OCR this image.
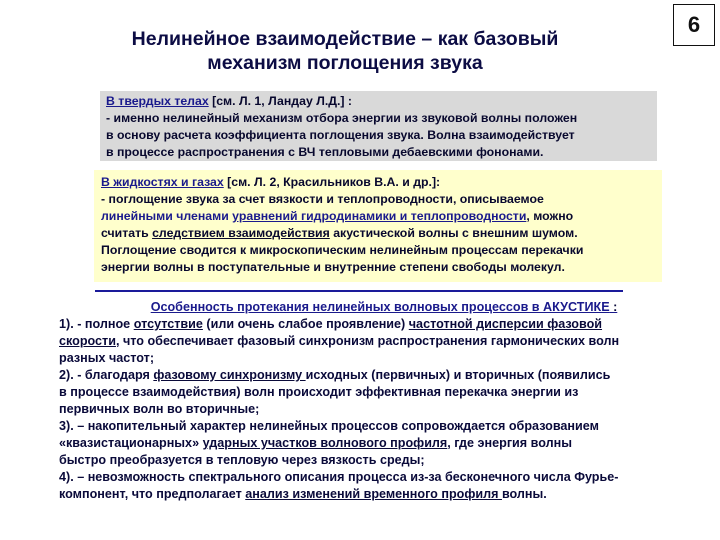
Нелинейное взаимодействие – как базовый
механизм поглощения звука
6
В твердых телах [см. Л. 1, Ландау Л.Д.] :
- именно нелинейный механизм отбора энергии из звуковой волны положен
в основу расчета коэффициента поглощения звука. Волна взаимодействует
в процессе распространения с ВЧ тепловыми дебаевскими фононами.
В жидкостях и газах [см. Л. 2, Красильников В.А. и др.]:
- поглощение звука за счет вязкости и теплопроводности, описываемое
линейными членами уравнений гидродинамики и теплопроводности, можно
считать следствием взаимодействия акустической волны с внешним шумом.
Поглощение сводится к микроскопическим нелинейным процессам перекачки
энергии волны в поступательные и внутренние степени свободы молекул.
Особенность протекания нелинейных волновых процессов в АКУСТИКЕ :
1). - полное отсутствие (или очень слабое проявление) частотной дисперсии фазовой
скорости, что обеспечивает фазовый синхронизм распространения гармонических волн
разных частот;
2). - благодаря фазовому синхронизму исходных (первичных) и вторичных (появились
в процессе взаимодействия) волн происходит эффективная перекачка энергии из
первичных волн во вторичные;
3). – накопительный характер нелинейных процессов сопровождается образованием
«квазистационарных» ударных участков волнового профиля, где энергия волны
быстро преобразуется в тепловую через вязкость среды;
4). – невозможность спектрального описания процесса из-за бесконечного числа Фурье-
компонент, что предполагает анализ изменений временного профиля волны.
